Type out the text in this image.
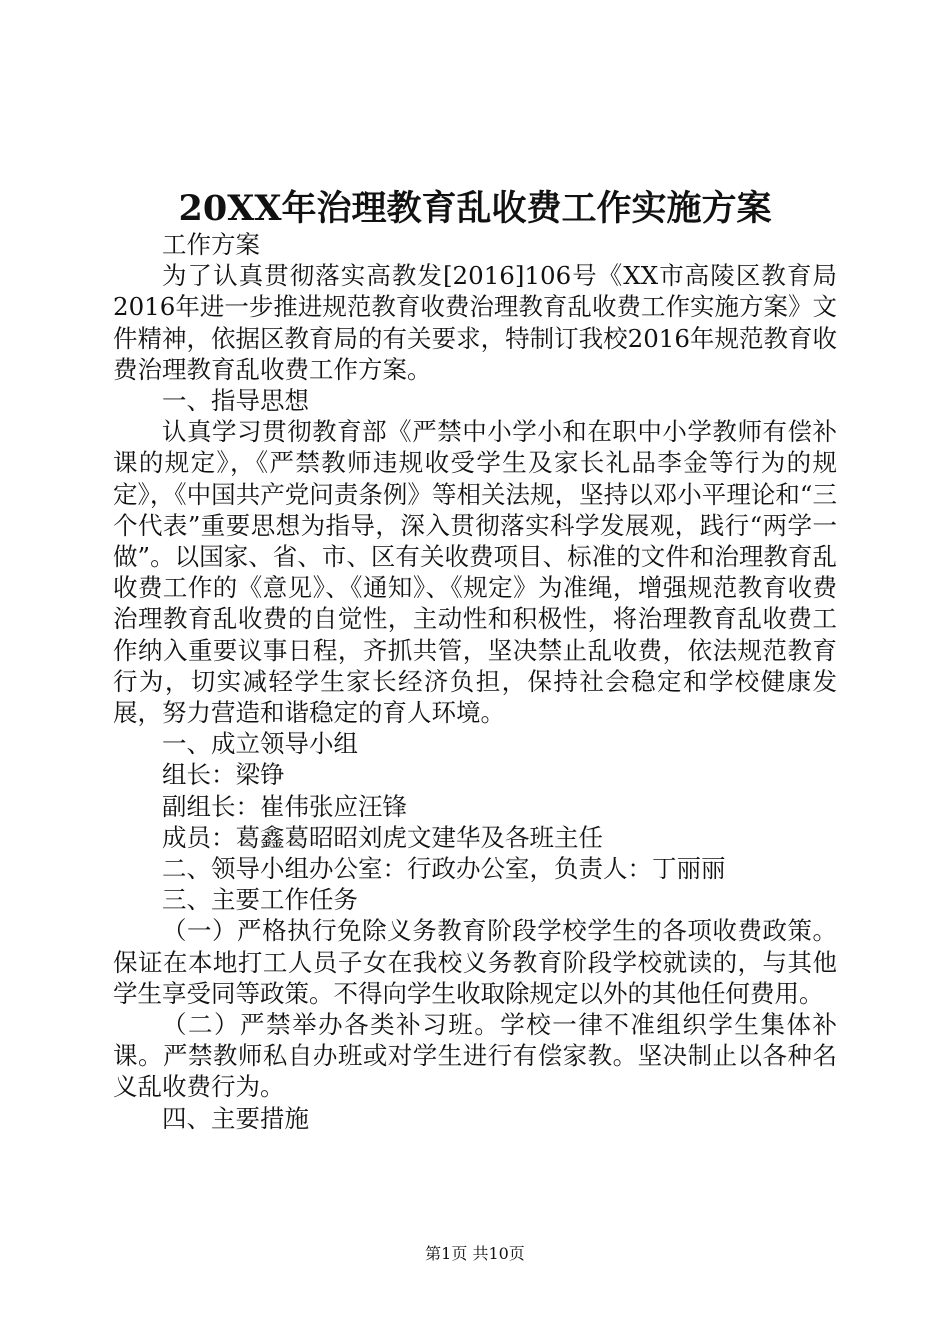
20XX年治理教育乱收费工作实施方案

工作方案

为了认真贯彻落实高教发[2016]106号《XX市高陵区教育局2016年进一步推进规范教育收费治理教育乱收费工作实施方案》文件精神，依据区教育局的有关要求，特制订我校2016年规范教育收费治理教育乱收费工作方案。

一、指导思想

认真学习贯彻教育部《严禁中小学小和在职中小学教师有偿补课的规定》，《严禁教师违规收受学生及家长礼品李金等行为的规定》，《中国共产党问责条例》等相关法规，坚持以邓小平理论和“三个代表”重要思想为指导，深入贯彻落实科学发展观，践行“两学一做”。以国家、省、市、区有关收费项目、标准的文件和治理教育乱收费工作的《意见》、《通知》、《规定》为准绳，增强规范教育收费治理教育乱收费的自觉性，主动性和积极性，将治理教育乱收费工作纳入重要议事日程，齐抓共管，坚决禁止乱收费，依法规范教育行为，切实减轻学生家长经济负担，保持社会稳定和学校健康发展，努力营造和谐稳定的育人环境。

一、成立领导小组

组长：梁铮

副组长：崔伟张应汪锋

成员：葛鑫葛昭昭刘虎文建华及各班主任

二、领导小组办公室：行政办公室，负责人：丁丽丽

三、主要工作任务

（一）严格执行免除义务教育阶段学校学生的各项收费政策。保证在本地打工人员子女在我校义务教育阶段学校就读的，与其他学生享受同等政策。不得向学生收取除规定以外的其他任何费用。

（二）严禁举办各类补习班。学校一律不准组织学生集体补课。严禁教师私自办班或对学生进行有偿家教。坚决制止以各种名义乱收费行为。

四、主要措施

第1页 共10页
